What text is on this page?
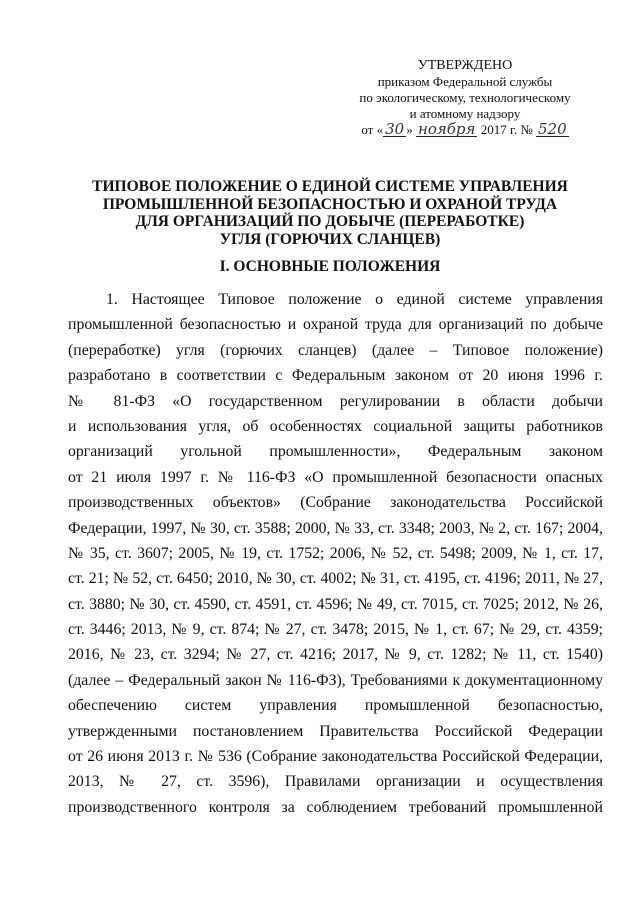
УТВЕРЖДЕНО
приказом Федеральной службы
по экологическому, технологическому
и атомному надзору
от « 30 » ноября 2017 г. № 520
ТИПОВОЕ ПОЛОЖЕНИЕ О ЕДИНОЙ СИСТЕМЕ УПРАВЛЕНИЯ
ПРОМЫШЛЕННОЙ БЕЗОПАСНОСТЬЮ И ОХРАНОЙ ТРУДА
ДЛЯ ОРГАНИЗАЦИЙ ПО ДОБЫЧЕ (ПЕРЕРАБОТКЕ)
УГЛЯ (ГОРЮЧИХ СЛАНЦЕВ)
I. ОСНОВНЫЕ ПОЛОЖЕНИЯ
1. Настоящее Типовое положение о единой системе управления
промышленной безопасностью и охраной труда для организаций по добыче
(переработке) угля (горючих сланцев) (далее – Типовое положение)
разработано в соответствии с Федеральным законом от 20 июня 1996 г.
№ 81-ФЗ «О государственном регулировании в области добычи
и использования угля, об особенностях социальной защиты работников
организаций угольной промышленности», Федеральным законом
от 21 июля 1997 г. № 116-ФЗ «О промышленной безопасности опасных
производственных объектов» (Собрание законодательства Российской
Федерации, 1997, № 30, ст. 3588; 2000, № 33, ст. 3348; 2003, № 2, ст. 167; 2004,
№ 35, ст. 3607; 2005, № 19, ст. 1752; 2006, № 52, ст. 5498; 2009, № 1, ст. 17,
ст. 21; № 52, ст. 6450; 2010, № 30, ст. 4002; № 31, ст. 4195, ст. 4196; 2011, № 27,
ст. 3880; № 30, ст. 4590, ст. 4591, ст. 4596; № 49, ст. 7015, ст. 7025; 2012, № 26,
ст. 3446; 2013, № 9, ст. 874; № 27, ст. 3478; 2015, № 1, ст. 67; № 29, ст. 4359;
2016, № 23, ст. 3294; № 27, ст. 4216; 2017, № 9, ст. 1282; № 11, ст. 1540)
(далее – Федеральный закон № 116-ФЗ), Требованиями к документационному
обеспечению систем управления промышленной безопасностью,
утвержденными постановлением Правительства Российской Федерации
от 26 июня 2013 г. № 536 (Собрание законодательства Российской Федерации,
2013, № 27, ст. 3596), Правилами организации и осуществления
производственного контроля за соблюдением требований промышленной
